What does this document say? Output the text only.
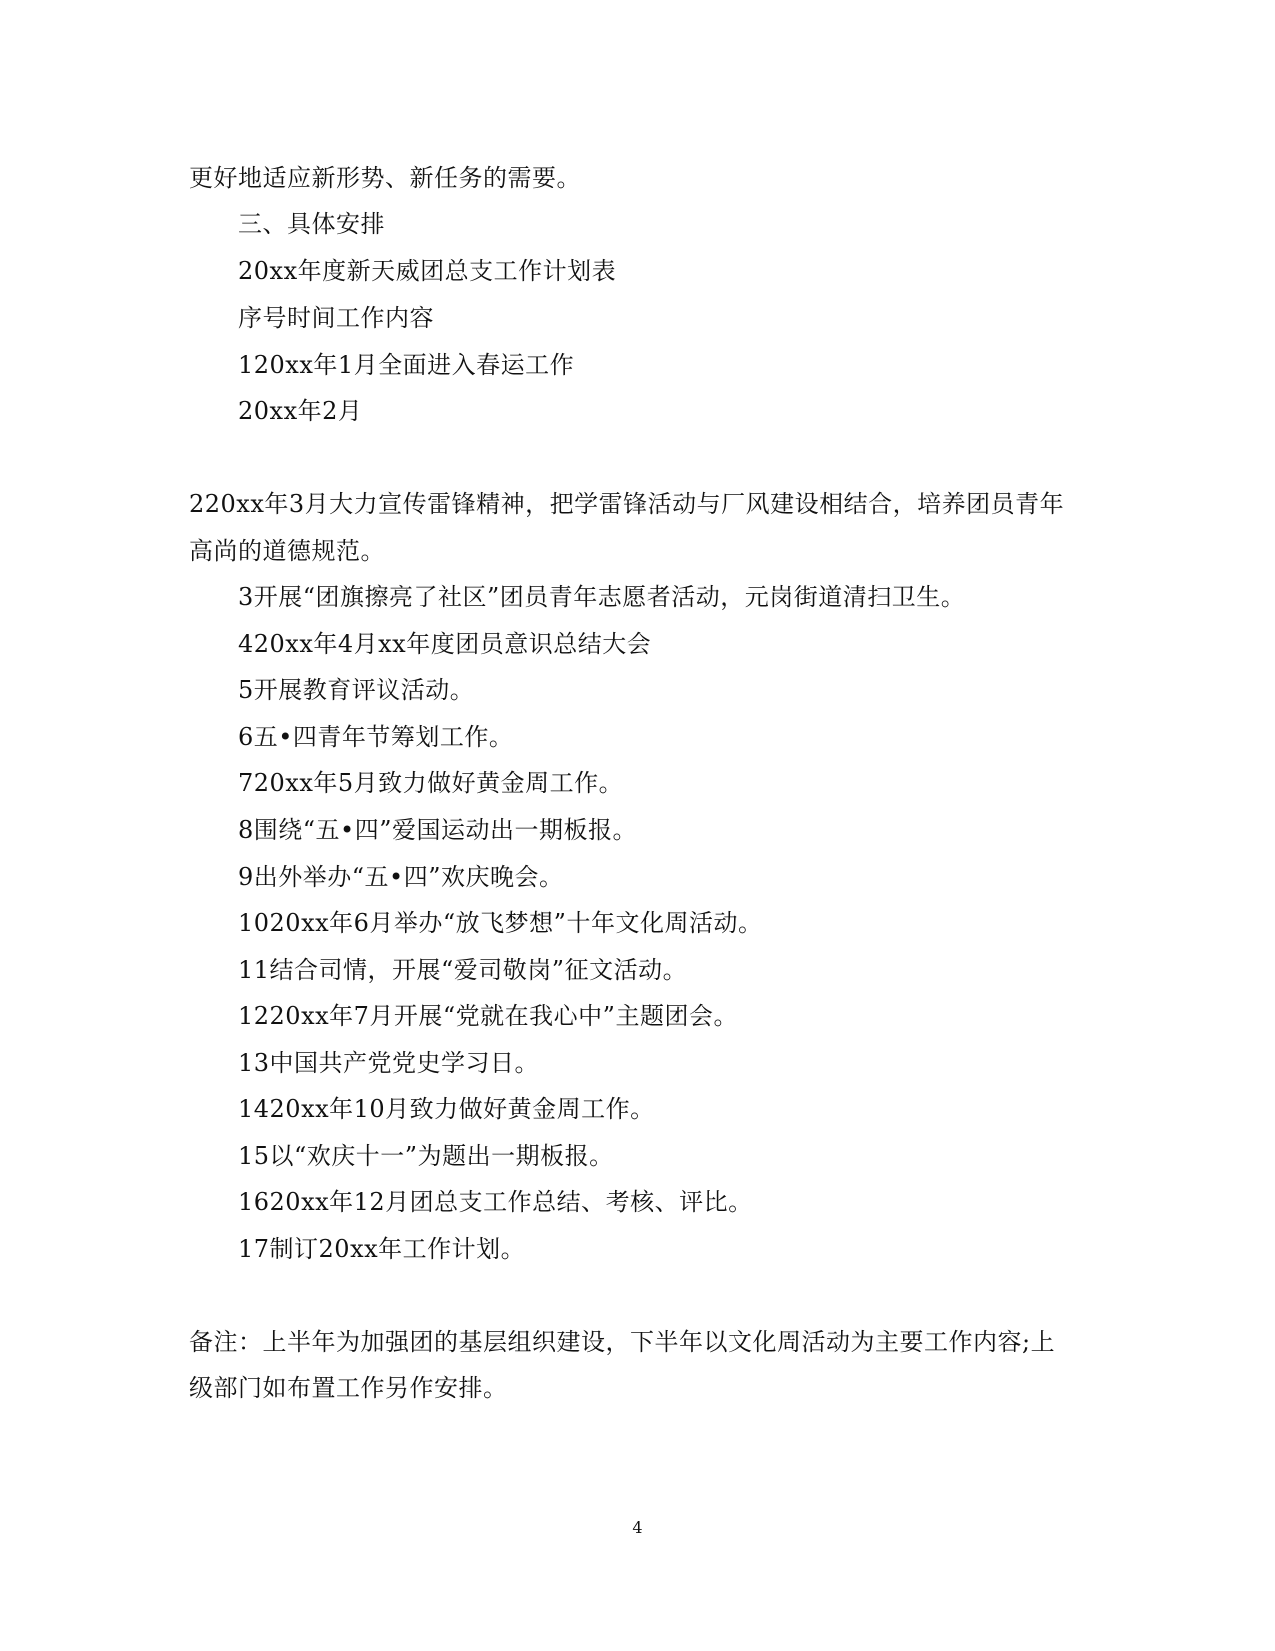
更好地适应新形势、新任务的需要。
三、具体安排
20xx年度新天威团总支工作计划表
序号时间工作内容
120xx年1月全面进入春运工作
20xx年2月
220xx年3月大力宣传雷锋精神，把学雷锋活动与厂风建设相结合，培养团员青年
高尚的道德规范。
3开展“团旗擦亮了社区”团员青年志愿者活动，元岗街道清扫卫生。
420xx年4月xx年度团员意识总结大会
5开展教育评议活动。
6五•四青年节筹划工作。
720xx年5月致力做好黄金周工作。
8围绕“五•四”爱国运动出一期板报。
9出外举办“五•四”欢庆晚会。
1020xx年6月举办“放飞梦想”十年文化周活动。
11结合司情，开展“爱司敬岗”征文活动。
1220xx年7月开展“党就在我心中”主题团会。
13中国共产党党史学习日。
1420xx年10月致力做好黄金周工作。
15以“欢庆十一”为题出一期板报。
1620xx年12月团总支工作总结、考核、评比。
17制订20xx年工作计划。
备注：上半年为加强团的基层组织建设，下半年以文化周活动为主要工作内容;上
级部门如布置工作另作安排。
4
